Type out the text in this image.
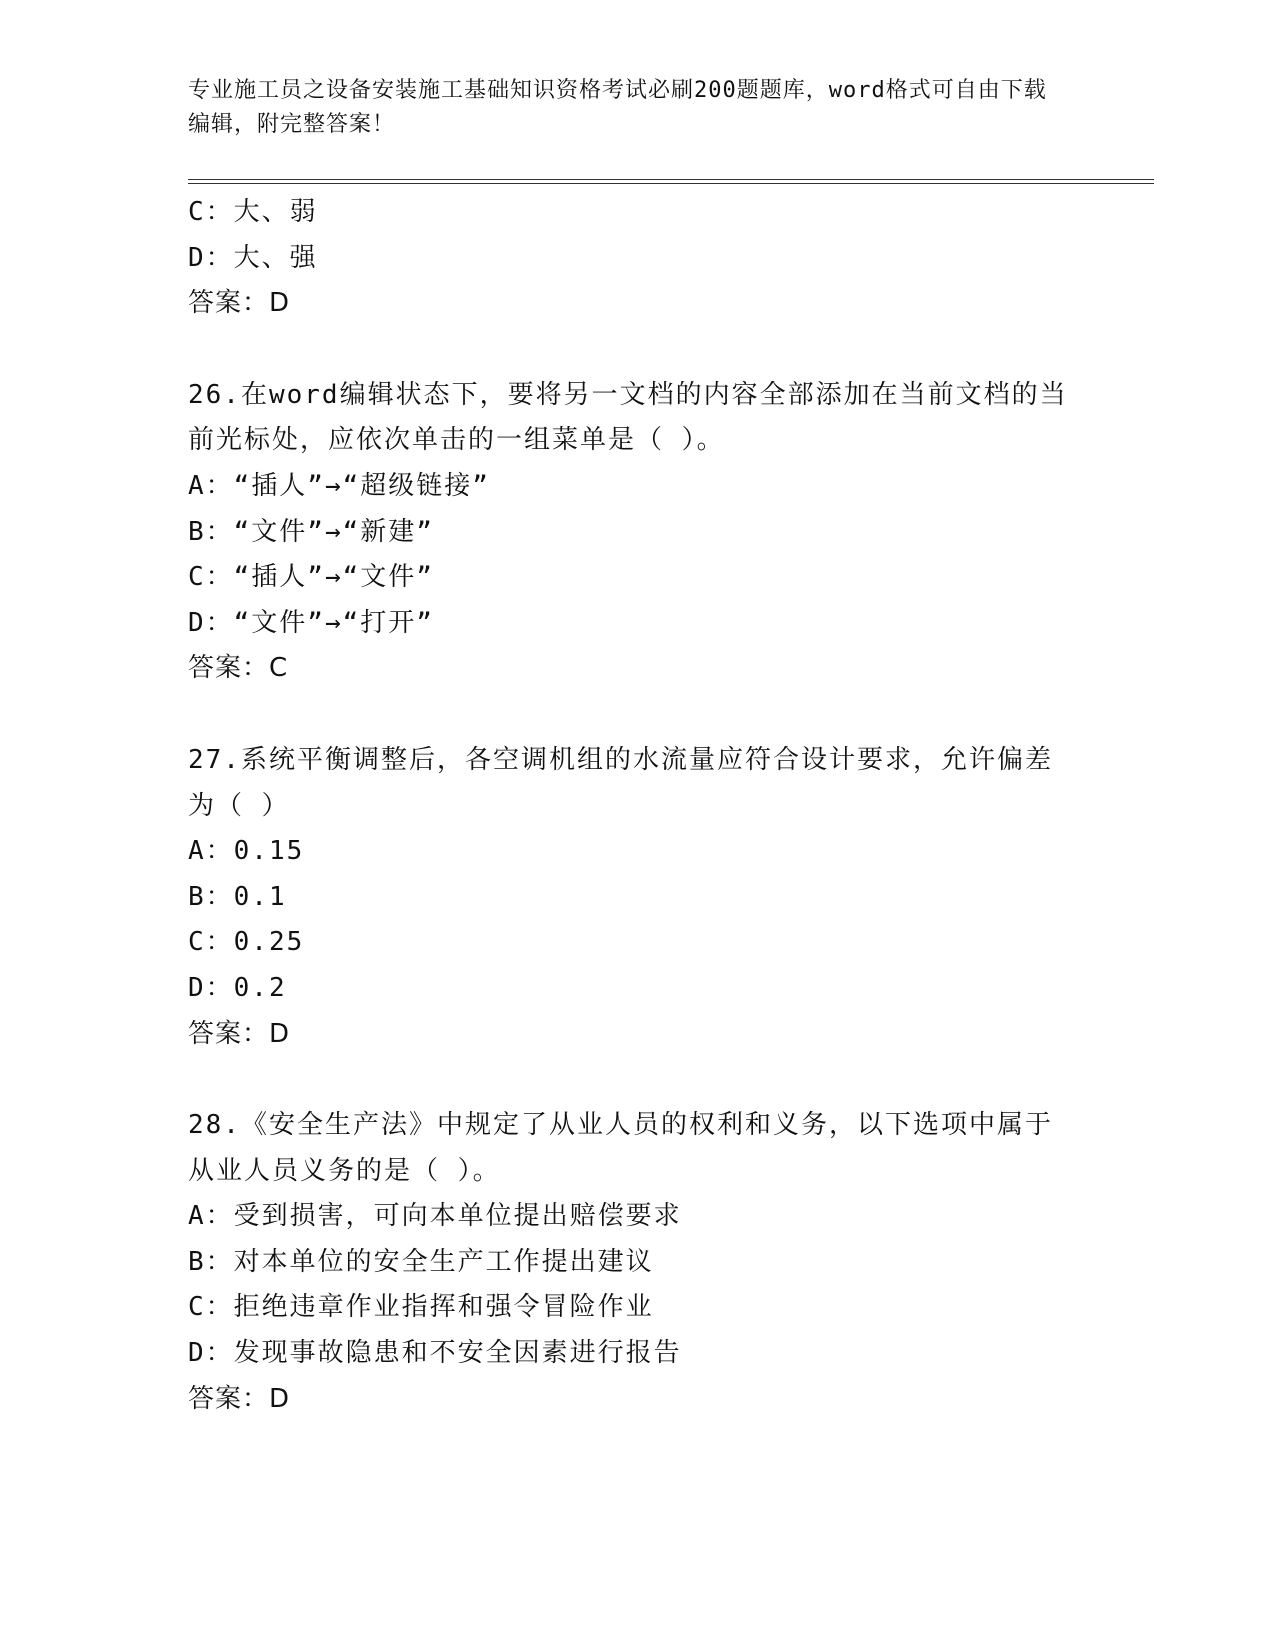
专业施工员之设备安装施工基础知识资格考试必刷200题题库，word格式可自由下载编辑，附完整答案！
C：大、弱
D：大、强
答案：D
26.在word编辑状态下，要将另一文档的内容全部添加在当前文档的当前光标处，应依次单击的一组菜单是（ ）。
A：“插人”→“超级链接”
B：“文件”→“新建”
C：“插人”→“文件”
D：“文件”→“打开”
答案：C
27.系统平衡调整后，各空调机组的水流量应符合设计要求，允许偏差为（ ）
A：0.15
B：0.1
C：0.25
D：0.2
答案：D
28.《安全生产法》中规定了从业人员的权利和义务，以下选项中属于从业人员义务的是（ ）。
A：受到损害，可向本单位提出赔偿要求
B：对本单位的安全生产工作提出建议
C：拒绝违章作业指挥和强令冒险作业
D：发现事故隐患和不安全因素进行报告
答案：D
